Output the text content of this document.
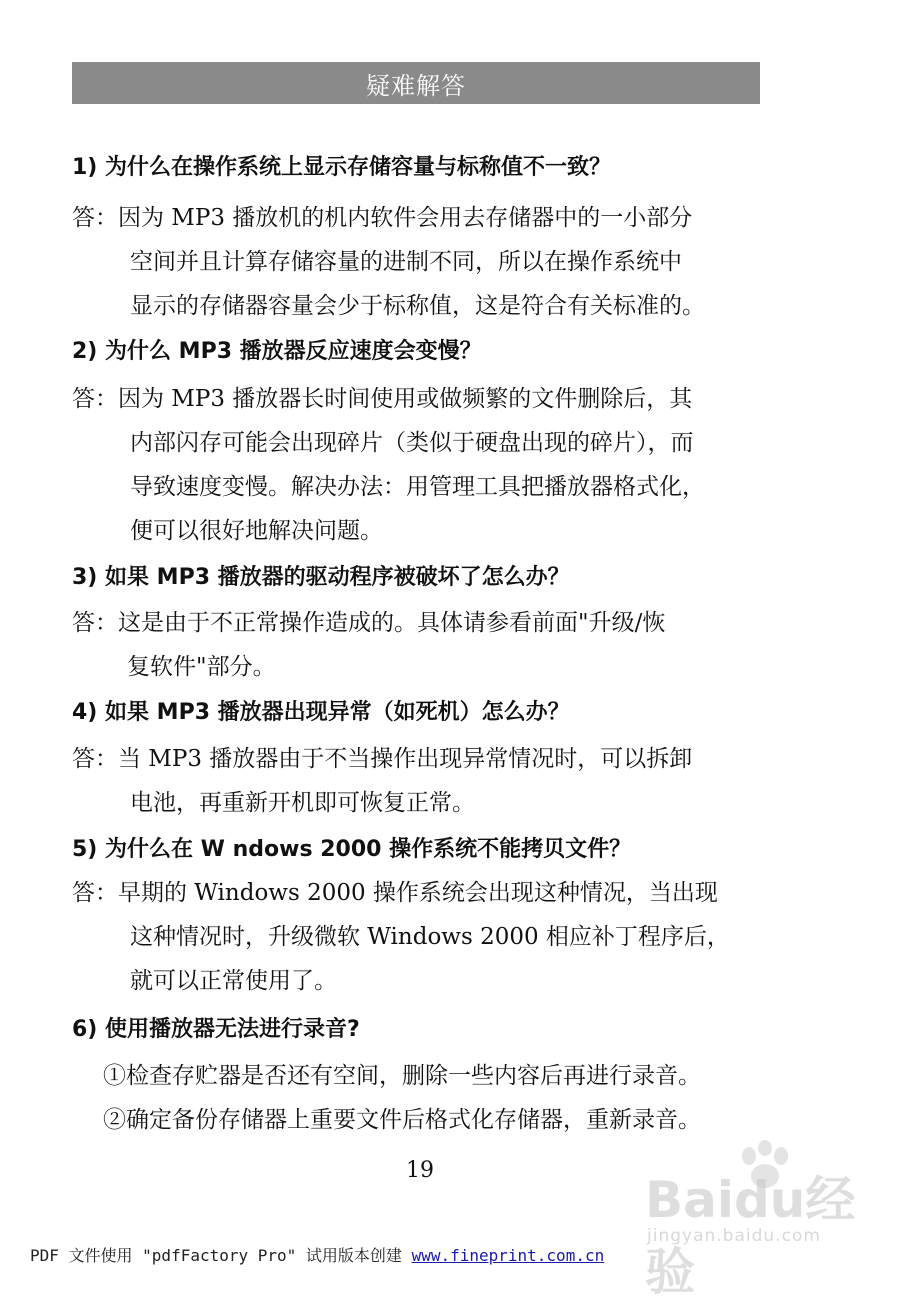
疑难解答
1) 为什么在操作系统上显示存储容量与标称值不一致？
答：因为 MP3 播放机的机内软件会用去存储器中的一小部分
空间并且计算存储容量的进制不同，所以在操作系统中
显示的存储器容量会少于标称值，这是符合有关标准的。
2) 为什么 MP3 播放器反应速度会变慢？
答：因为 MP3 播放器长时间使用或做频繁的文件删除后，其
内部闪存可能会出现碎片（类似于硬盘出现的碎片），而
导致速度变慢。解决办法：用管理工具把播放器格式化，
便可以很好地解决问题。
3) 如果 MP3 播放器的驱动程序被破坏了怎么办？
答：这是由于不正常操作造成的。具体请参看前面"升级/恢
复软件"部分。
4) 如果 MP3 播放器出现异常（如死机）怎么办？
答：当 MP3 播放器由于不当操作出现异常情况时，可以拆卸
电池，再重新开机即可恢复正常。
5) 为什么在 W ndows 2000 操作系统不能拷贝文件？
答：早期的 Windows 2000 操作系统会出现这种情况，当出现
这种情况时，升级微软 Windows 2000 相应补丁程序后，
就可以正常使用了。
6) 使用播放器无法进行录音?
①检查存贮器是否还有空间，删除一些内容后再进行录音。
②确定备份存储器上重要文件后格式化存储器，重新录音。
19
Baidu经验
jingyan.baidu.com
PDF 文件使用 "pdfFactory Pro" 试用版本创建 www.fineprint.com.cn
